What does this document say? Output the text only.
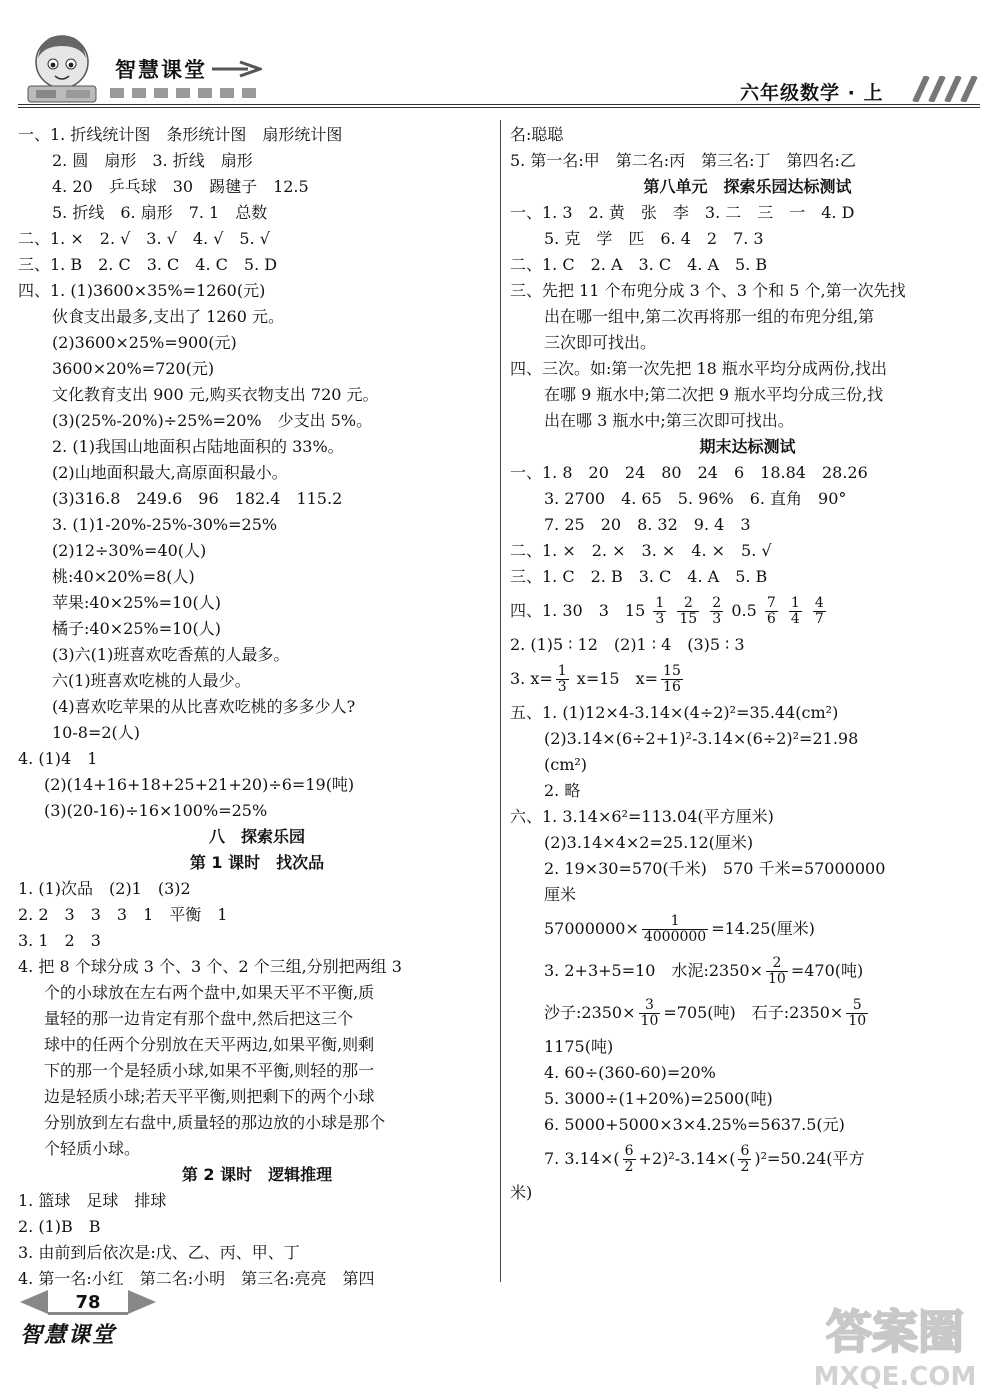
智慧课堂
六年级数学 · 上
一、1. 折线统计图　条形统计图　扇形统计图
2. 圆　扇形　3. 折线　扇形
4. 20　乒乓球　30　踢毽子　12.5
5. 折线　6. 扇形　7. 1　总数
二、1. ×　2. √　3. √　4. √　5. √
三、1. B　2. C　3. C　4. C　5. D
四、1. (1)3600×35%=1260(元)
伙食支出最多,支出了 1260 元。
(2)3600×25%=900(元)
3600×20%=720(元)
文化教育支出 900 元,购买衣物支出 720 元。
(3)(25%-20%)÷25%=20%　少支出 5%。
2. (1)我国山地面积占陆地面积的 33%。
(2)山地面积最大,高原面积最小。
(3)316.8　249.6　96　182.4　115.2
3. (1)1-20%-25%-30%=25%
(2)12÷30%=40(人)
桃:40×20%=8(人)
苹果:40×25%=10(人)
橘子:40×25%=10(人)
(3)六(1)班喜欢吃香蕉的人最多。
六(1)班喜欢吃桃的人最少。
(4)喜欢吃苹果的从比喜欢吃桃的多多少人?
10-8=2(人)
4. (1)4　1
(2)(14+16+18+25+21+20)÷6=19(吨)
(3)(20-16)÷16×100%=25%
八　探索乐园
第 1 课时　找次品
1. (1)次品　(2)1　(3)2
2. 2　3　3　3　1　平衡　1
3. 1　2　3
4. 把 8 个球分成 3 个、3 个、2 个三组,分别把两组 3
个的小球放在左右两个盘中,如果天平不平衡,质
量轻的那一边肯定有那个盘中,然后把这三个
球中的任两个分别放在天平两边,如果平衡,则剩
下的那一个是轻质小球,如果不平衡,则轻的那一
边是轻质小球;若天平平衡,则把剩下的两个小球
分别放到左右盘中,质量轻的那边放的小球是那个
个轻质小球。
第 2 课时　逻辑推理
1. 篮球　足球　排球
2. (1)B　B
3. 由前到后依次是:戊、乙、丙、甲、丁
4. 第一名:小红　第二名:小明　第三名:亮亮　第四
名:聪聪
5. 第一名:甲　第二名:丙　第三名:丁　第四名:乙
第八单元　探索乐园达标测试
一、1. 3　2. 黄　张　李　3. 二　三　一　4. D
5. 克　学　匹　6. 4　2　7. 3
二、1. C　2. A　3. C　4. A　5. B
三、先把 11 个布兜分成 3 个、3 个和 5 个,第一次先找
出在哪一组中,第二次再将那一组的布兜分组,第
三次即可找出。
四、三次。如:第一次先把 18 瓶水平均分成两份,找出
在哪 9 瓶水中;第二次把 9 瓶水平均分成三份,找
出在哪 3 瓶水中;第三次即可找出。
期末达标测试
一、1. 8　20　24　80　24　6　18.84　28.26
3. 2700　4. 65　5. 96%　6. 直角　90°
7. 25　20　8. 32　9. 4　3
二、1. ×　2. ×　3. ×　4. ×　5. √
三、1. C　2. B　3. C　4. A　5. B
四、1. 30　3　$15 \frac{1}{3}$
$\frac{2}{15}$
$\frac{2}{3} 0.5 \frac{7}{6}$
$\frac{1}{4}$
$\frac{4}{7}$
2. (1)5 ∶ 12　(2)1 ∶ 4　(3)5 ∶ 3
3. $x= \frac{1}{3} x=15$　$x= \frac{15}{16}$
五、1. (1)12×4-3.14×(4÷2)²=35.44(cm²)
(2)3.14×(6÷2+1)²-3.14×(6÷2)²=21.98
(cm²)
2. 略
六、1. 3.14×6²=113.04(平方厘米)
(2)3.14×4×2=25.12(厘米)
2. 19×30=570(千米)　570 千米=57000000
厘米
$57000000\times \frac{1}{4000000} =14.25$(厘米)
3. 2+3+5=10　水泥:2350× $\frac{2}{10} =470$(吨)
沙子:2350× $\frac{3}{10} =705$(吨)　石子:2350× $\frac{5}{10}$
1175(吨)
4. 60÷(360-60)=20%
5. 3000÷(1+20%)=2500(吨)
6. 5000+5000×3×4.25%=5637.5(元)
7. $3.14\times( \frac{6}{2} +2)^2-3.14\times( \frac{6}{2} )^2=50.24$(平方
米)
78
智慧课堂	答案圈
MXQE.COM
